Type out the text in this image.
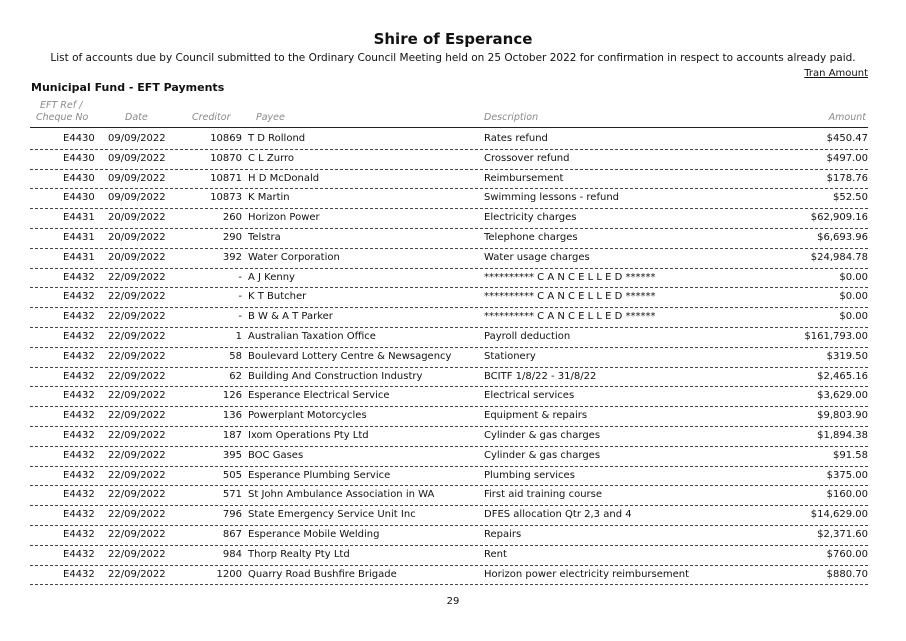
Shire of Esperance
List of accounts due by Council submitted to the Ordinary Council Meeting held on 25 October 2022 for confirmation in respect to accounts already paid.
Tran Amount
Municipal Fund - EFT Payments
EFT Ref /
Cheque No	Date	Creditor	Payee	Description	Amount
E4430 09/09/2022	10869 T D Rollond	Rates refund	$450.47
E4430 09/09/2022	10870 C L Zurro	Crossover refund	$497.00
E4430 09/09/2022	10871 H D McDonald	Reimbursement	$178.76
E4430 09/09/2022	10873 K Martin	Swimming lessons - refund	$52.50
E4431 20/09/2022	260 Horizon Power	Electricity charges	$62,909.16
E4431 20/09/2022	290 Telstra	Telephone charges	$6,693.96
E4431 20/09/2022	392 Water Corporation	Water usage charges	$24,984.78
E4432 22/09/2022	- A J Kenny	********** C A N C E L L E D ******	$0.00
E4432 22/09/2022	- K T Butcher	********** C A N C E L L E D ******	$0.00
E4432 22/09/2022	- B W & A T Parker	********** C A N C E L L E D ******	$0.00
E4432 22/09/2022	1 Australian Taxation Office	Payroll deduction	$161,793.00
E4432 22/09/2022	58 Boulevard Lottery Centre & Newsagency	Stationery	$319.50
E4432 22/09/2022	62 Building And Construction Industry	BCITF 1/8/22 - 31/8/22	$2,465.16
E4432 22/09/2022	126 Esperance Electrical Service	Electrical services	$3,629.00
E4432 22/09/2022	136 Powerplant Motorcycles	Equipment & repairs	$9,803.90
E4432 22/09/2022	187 Ixom Operations Pty Ltd	Cylinder & gas charges	$1,894.38
E4432 22/09/2022	395 BOC Gases	Cylinder & gas charges	$91.58
E4432 22/09/2022	505 Esperance Plumbing Service	Plumbing services	$375.00
E4432 22/09/2022	571 St John Ambulance Association in WA	First aid training course	$160.00
E4432 22/09/2022	796 State Emergency Service Unit Inc	DFES allocation Qtr 2,3 and 4	$14,629.00
E4432 22/09/2022	867 Esperance Mobile Welding	Repairs	$2,371.60
E4432 22/09/2022	984 Thorp Realty Pty Ltd	Rent	$760.00
E4432 22/09/2022	1200 Quarry Road Bushfire Brigade	Horizon power electricity reimbursement	$880.70
29
